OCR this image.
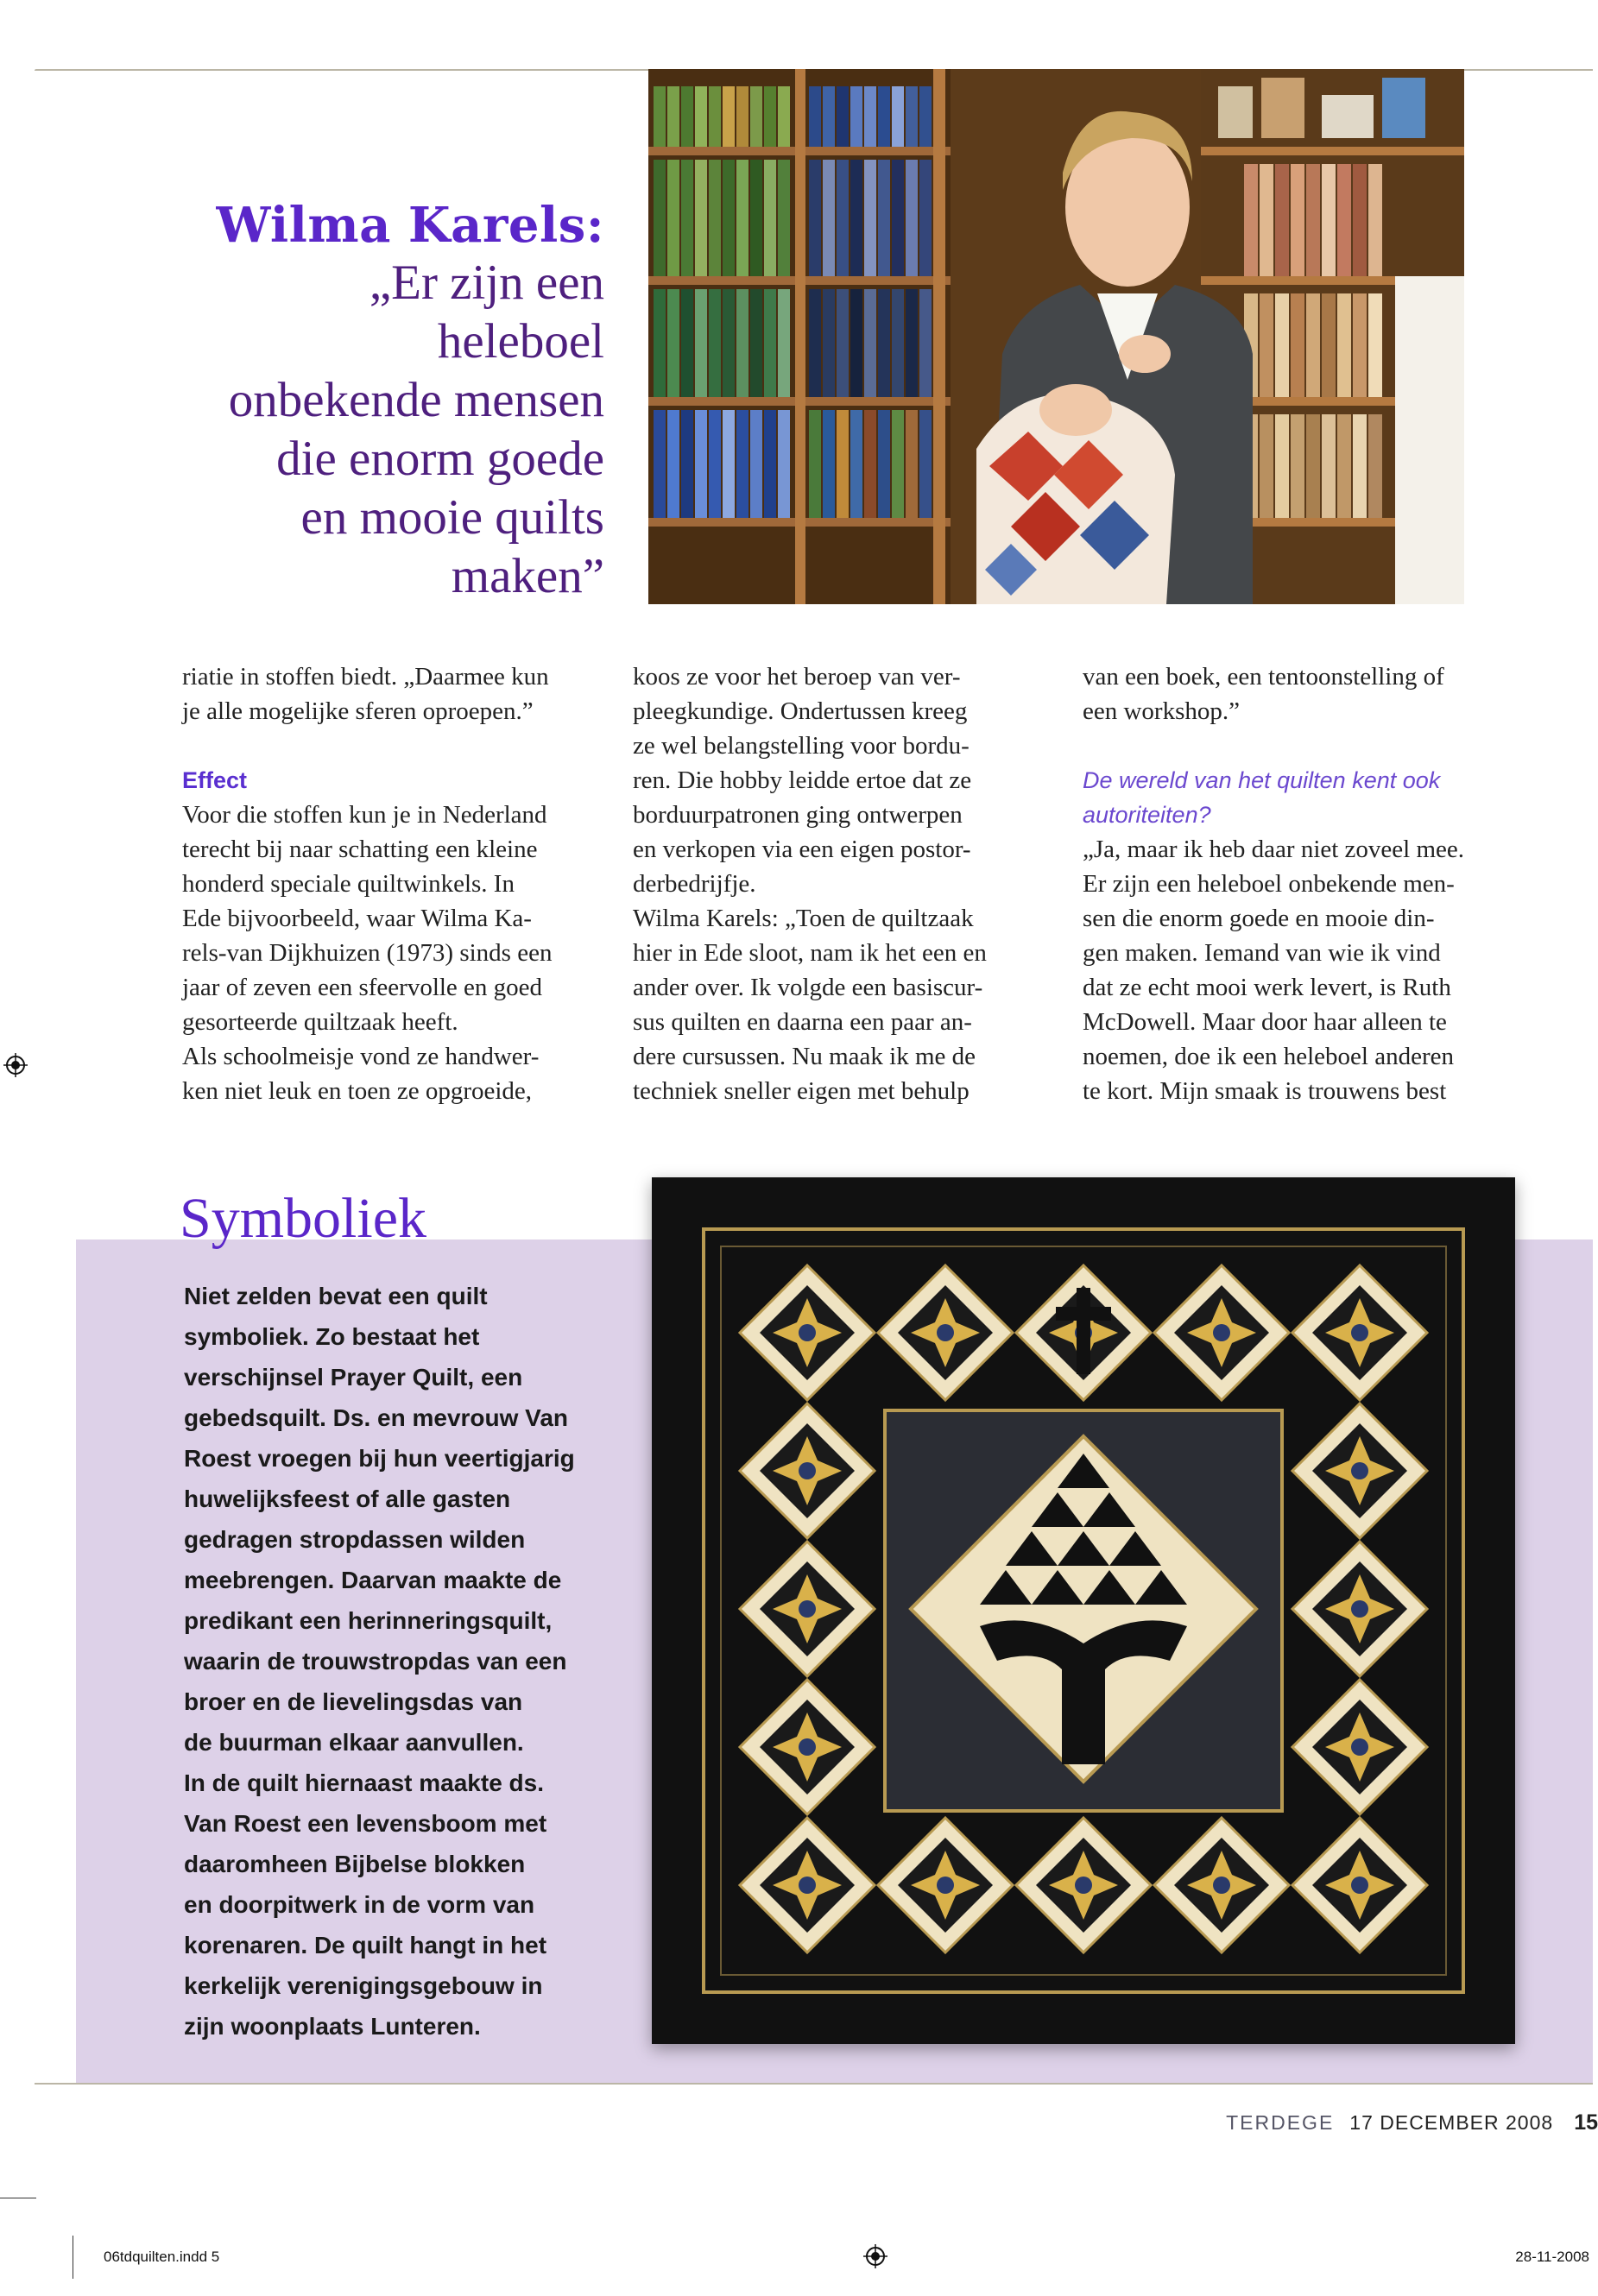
Wilma Karels:
„Er zijn een
heleboel
onbekende mensen
die enorm goede
en mooie quilts
maken”

riatie in stoffen biedt. „Daarmee kun
je alle mogelijke sferen oproepen.”

Effect

Voor die stoffen kun je in Nederland
terecht bij naar schatting een kleine
honderd speciale quiltwinkels. In
Ede bijvoorbeeld, waar Wilma Ka-
rels-van Dijkhuizen (1973) sinds een
jaar of zeven een sfeervolle en goed
gesorteerde quiltzaak heeft.

Als schoolmeisje vond ze handwer-
ken niet leuk en toen ze opgroeide,

koos ze voor het beroep van ver-
pleegkundige. Ondertussen kreeg
ze wel belangstelling voor bordu-
ren. Die hobby leidde ertoe dat ze
borduurpatronen ging ontwerpen
en verkopen via een eigen postor-
derbedrijfje.

Wilma Karels: „Toen de quiltzaak
hier in Ede sloot, nam ik het een en
ander over. Ik volgde een basiscur-
sus quilten en daarna een paar an-
dere cursussen. Nu maak ik me de
techniek sneller eigen met behulp

van een boek, een tentoonstelling of
een workshop.”

De wereld van het quilten kent ook
autoriteiten?

„Ja, maar ik heb daar niet zoveel mee.
Er zijn een heleboel onbekende men-
sen die enorm goede en mooie din-
gen maken. Iemand van wie ik vind
dat ze echt mooi werk levert, is Ruth
McDowell. Maar door haar alleen te
noemen, doe ik een heleboel anderen
te kort. Mijn smaak is trouwens best

Symboliek
Niet zelden bevat een quilt
symboliek. Zo bestaat het
verschijnsel Prayer Quilt, een
gebedsquilt. Ds. en mevrouw Van
Roest vroegen bij hun veertigjarig
huwelijksfeest of alle gasten
gedragen stropdassen wilden
meebrengen. Daarvan maakte de
predikant een herinneringsquilt,
waarin de trouwstropdas van een
broer en de lievelingsdas van
de buurman elkaar aanvullen.
In de quilt hiernaast maakte ds.
Van Roest een levensboom met
daaromheen Bijbelse blokken
en doorpitwerk in de vorm van
korenaren. De quilt hangt in het
kerkelijk verenigingsgebouw in
zijn woonplaats Lunteren.
TERDEGE 17 DECEMBER 2008 15
06tdquilten.indd 5	28-11-2008
